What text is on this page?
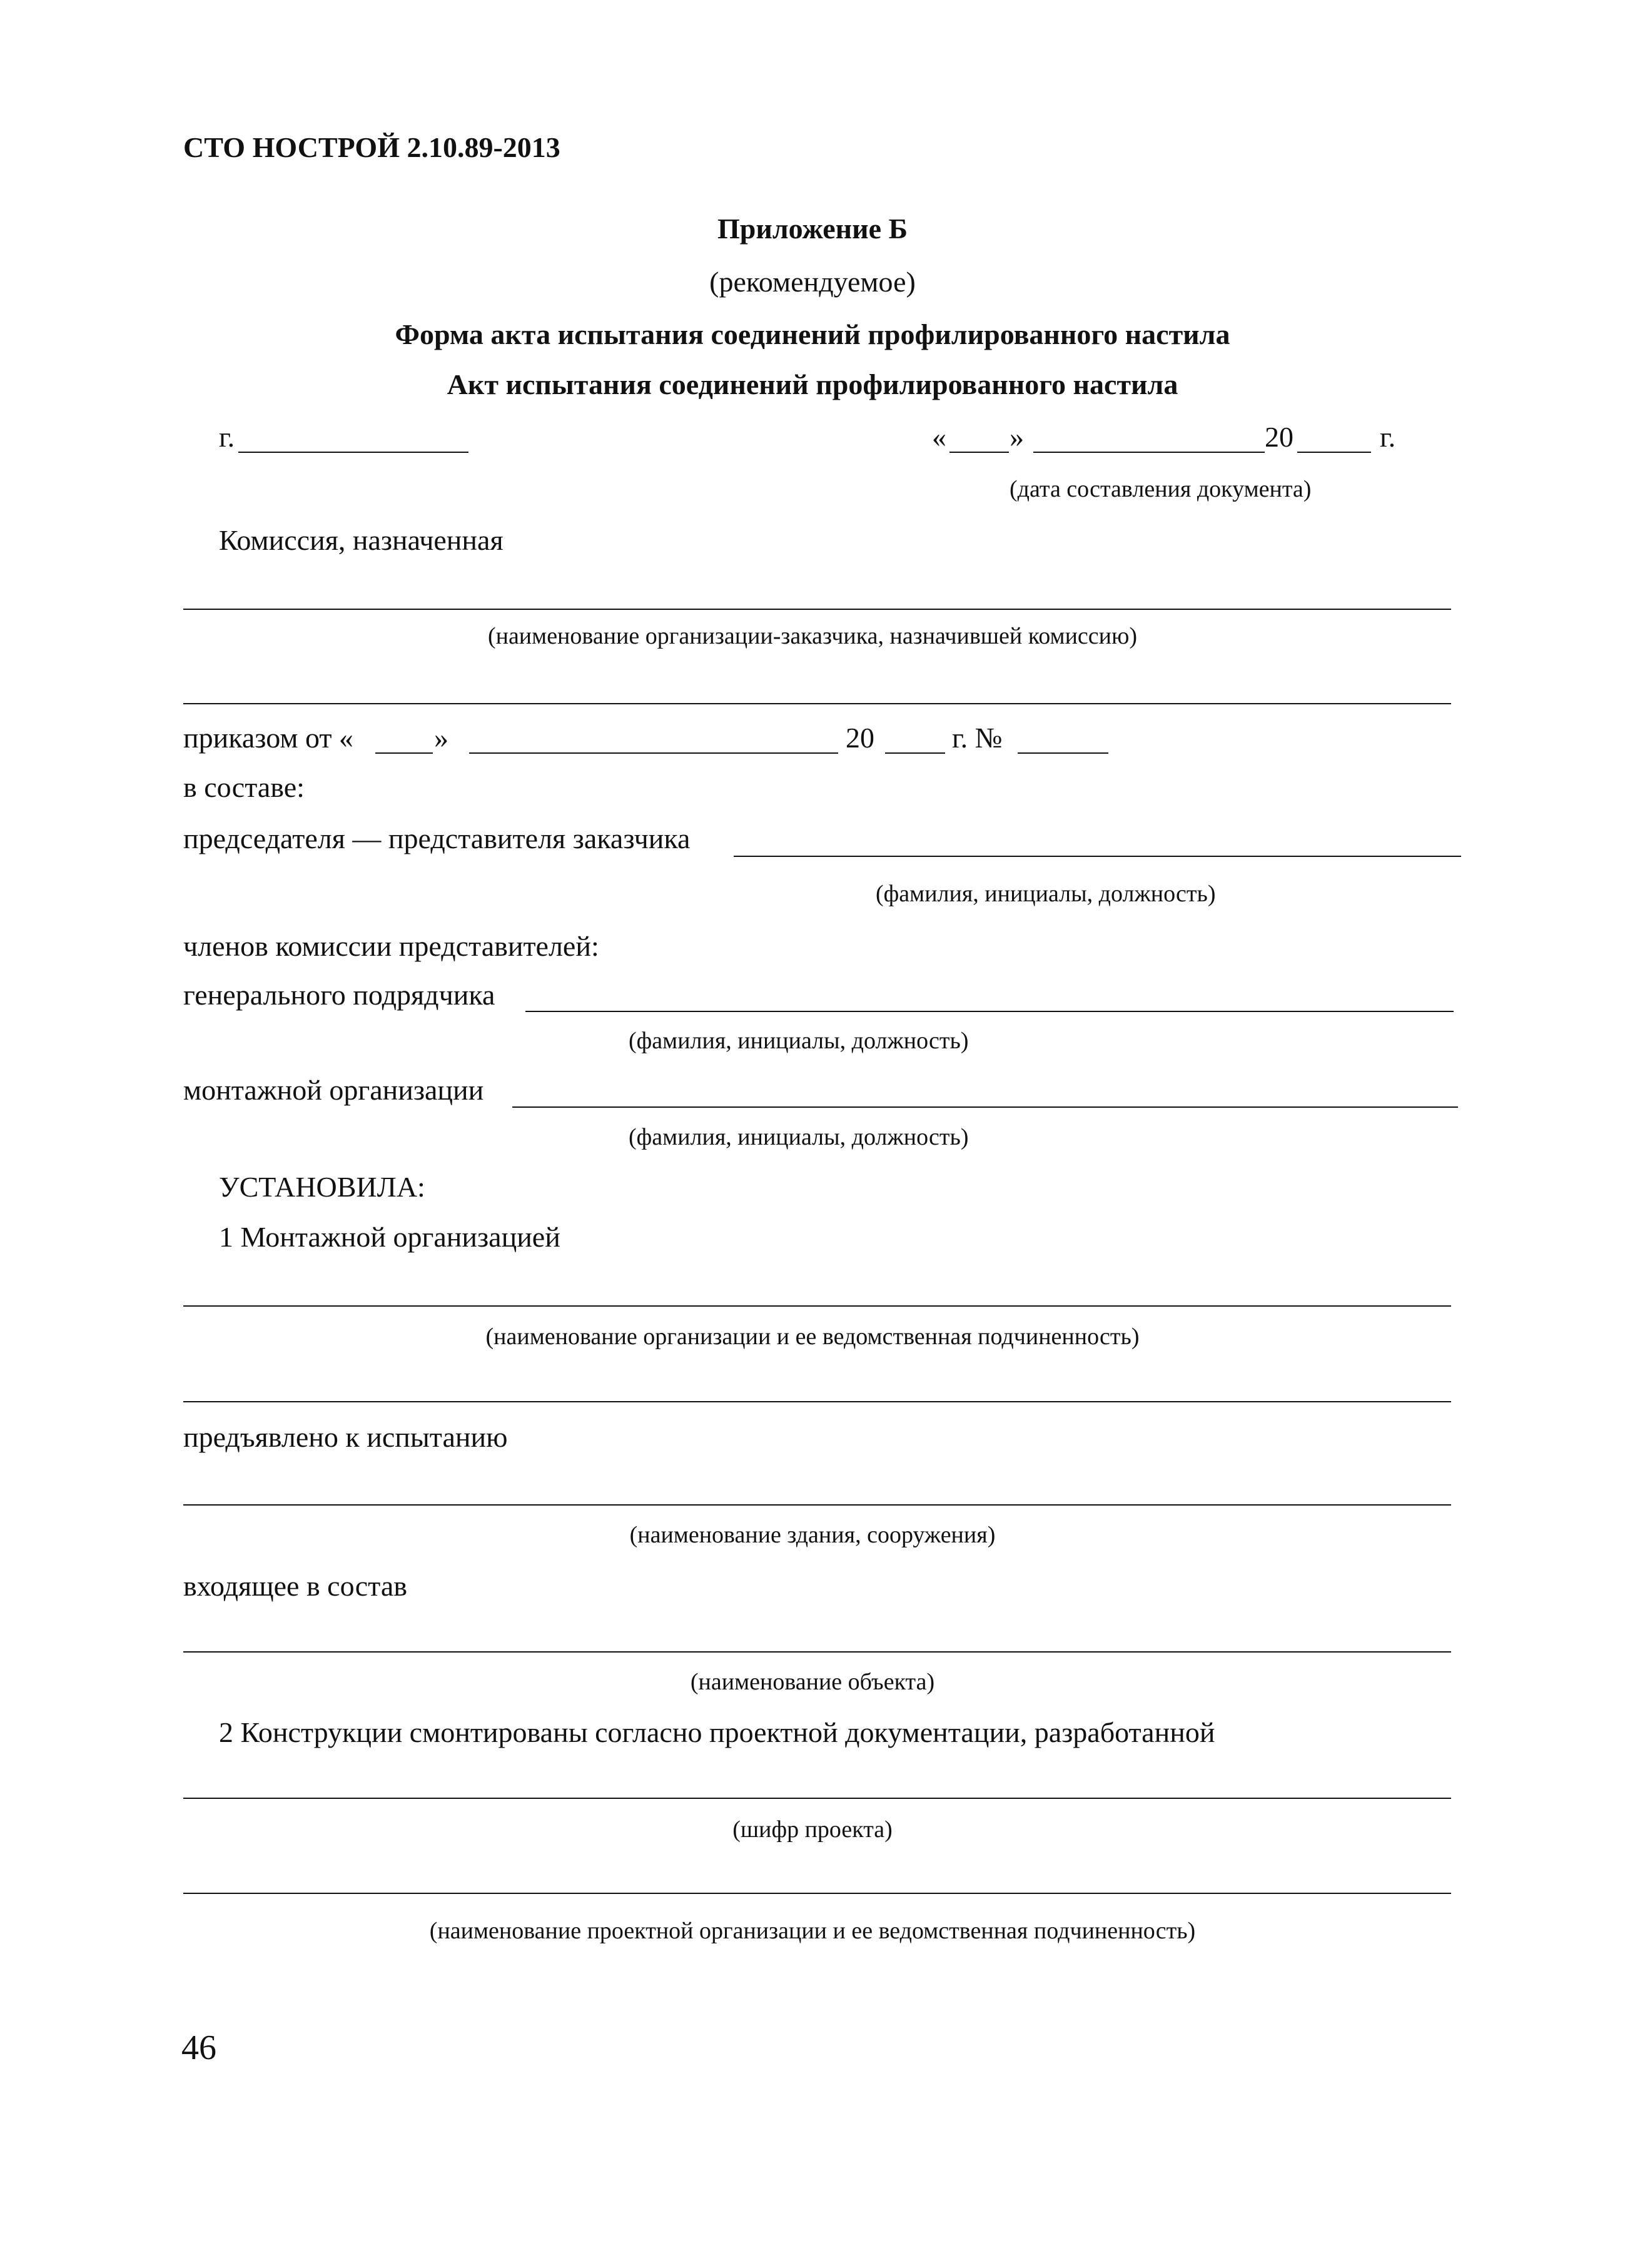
СТО НОСТРОЙ 2.10.89-2013
Приложение Б
(рекомендуемое)
Форма акта испытания соединений профилированного настила
Акт испытания соединений профилированного настила
г.	« »	20	г.
(дата составления документа)
Комиссия, назначенная
(наименование организации-заказчика, назначившей комиссию)
приказом от «	»	20	г. №
в составе:
председателя — представителя заказчика
(фамилия, инициалы, должность)
членов комиссии представителей:
генерального подрядчика
(фамилия, инициалы, должность)
монтажной организации
(фамилия, инициалы, должность)
УСТАНОВИЛА:
1 Монтажной организацией
(наименование организации и ее ведомственная подчиненность)
предъявлено к испытанию
(наименование здания, сооружения)
входящее в состав
(наименование объекта)
2 Конструкции смонтированы согласно проектной документации, разработанной
(шифр проекта)
(наименование проектной организации и ее ведомственная подчиненность)
46
